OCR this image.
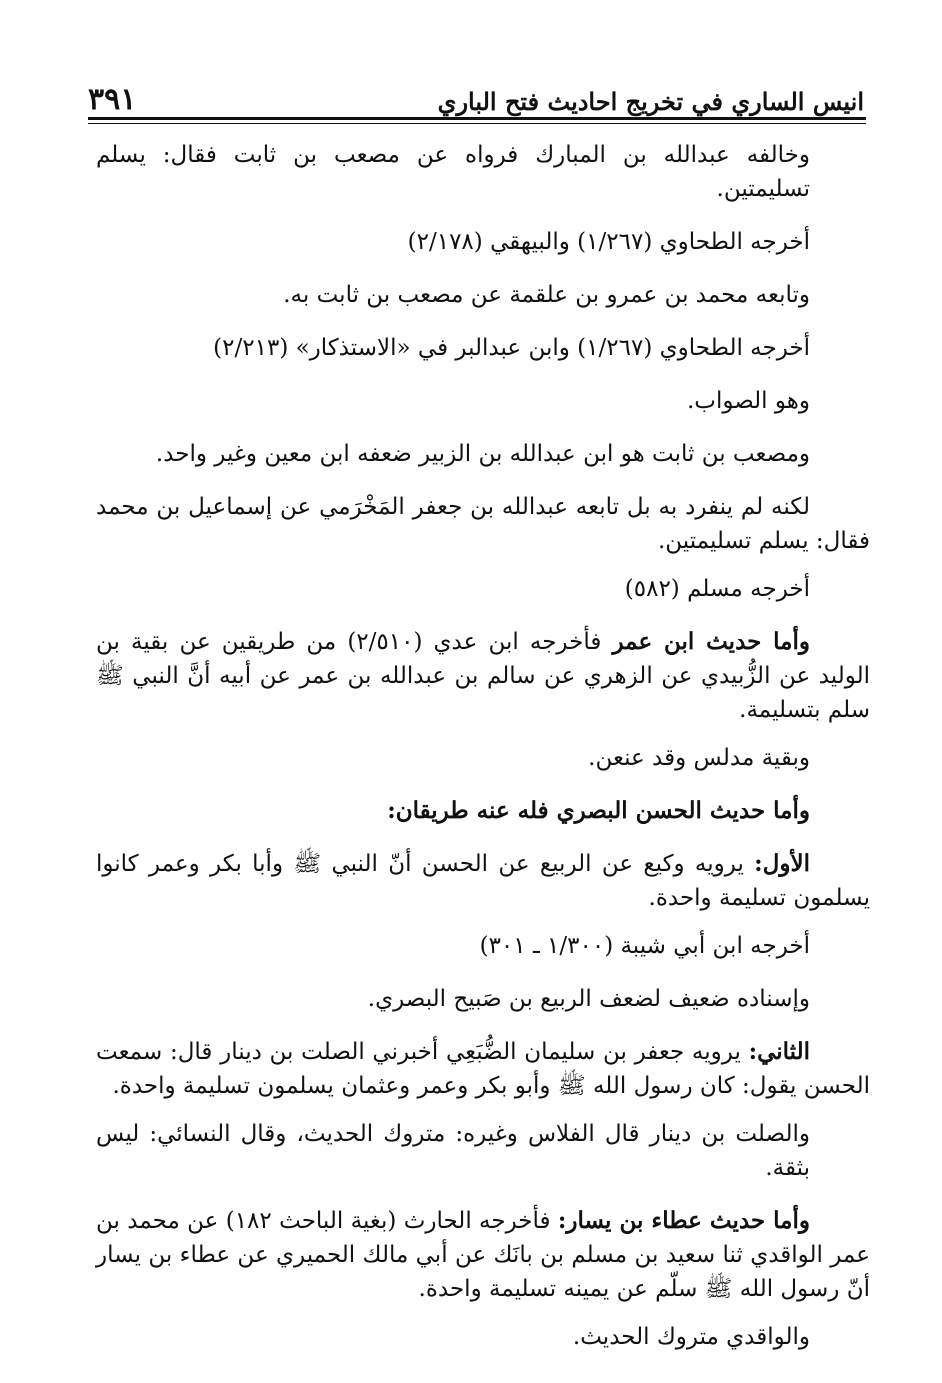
٣٩١	انيس الساري في تخريج احاديث فتح الباري

وخالفه عبدالله بن المبارك فرواه عن مصعب بن ثابت فقال: يسلم تسليمتين.

أخرجه الطحاوي (١/٢٦٧) والبيهقي (٢/١٧٨)

وتابعه محمد بن عمرو بن علقمة عن مصعب بن ثابت به.

أخرجه الطحاوي (١/٢٦٧) وابن عبدالبر في «الاستذكار» (٢/٢١٣)

وهو الصواب.

ومصعب بن ثابت هو ابن عبدالله بن الزبير ضعفه ابن معين وغير واحد.

لكنه لم ينفرد به بل تابعه عبدالله بن جعفر المَخْرَمي عن إسماعيل بن محمد فقال: يسلم تسليمتين.

أخرجه مسلم (٥٨٢)

وأما حديث ابن عمر فأخرجه ابن عدي (٢/٥١٠) من طريقين عن بقية بن الوليد عن الزُّبيدي عن الزهري عن سالم بن عبدالله بن عمر عن أبيه أنَّ النبي ﷺ سلم بتسليمة.

وبقية مدلس وقد عنعن.

وأما حديث الحسن البصري فله عنه طريقان:

الأول: يرويه وكيع عن الربيع عن الحسن أنّ النبي ﷺ وأبا بكر وعمر كانوا يسلمون تسليمة واحدة.

أخرجه ابن أبي شيبة (١/٣٠٠ ـ ٣٠١)

وإسناده ضعيف لضعف الربيع بن صَبيح البصري.

الثاني: يرويه جعفر بن سليمان الضُّبَعِي أخبرني الصلت بن دينار قال: سمعت الحسن يقول: كان رسول الله ﷺ وأبو بكر وعمر وعثمان يسلمون تسليمة واحدة.

والصلت بن دينار قال الفلاس وغيره: متروك الحديث، وقال النسائي: ليس بثقة.

وأما حديث عطاء بن يسار: فأخرجه الحارث (بغية الباحث ١٨٢) عن محمد بن عمر الواقدي ثنا سعيد بن مسلم بن بانَك عن أبي مالك الحميري عن عطاء بن يسار أنّ رسول الله ﷺ سلّم عن يمينه تسليمة واحدة.

والواقدي متروك الحديث.
